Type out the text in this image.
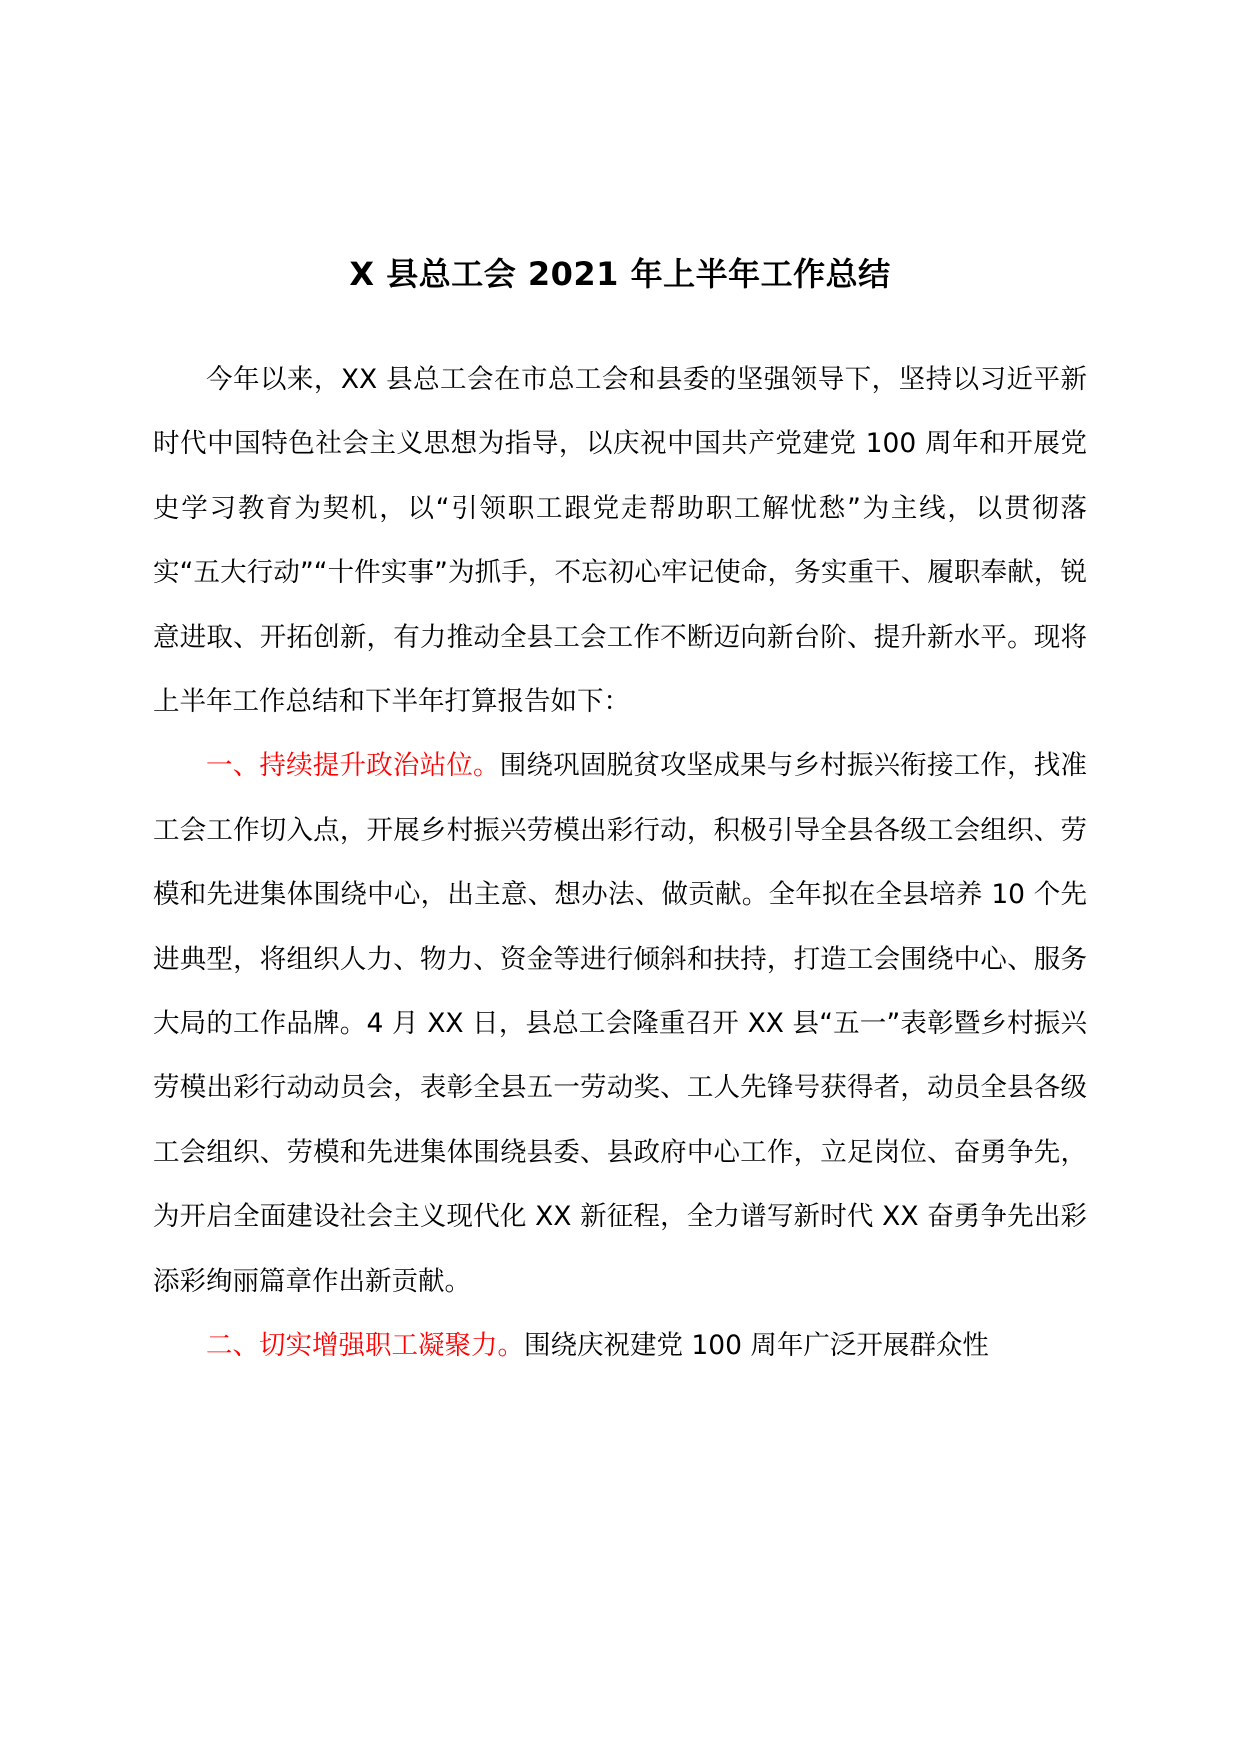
X 县总工会 2021 年上半年工作总结

今年以来，XX 县总工会在市总工会和县委的坚强领导下，坚持以习近平新时代中国特色社会主义思想为指导，以庆祝中国共产党建党 100 周年和开展党史学习教育为契机，以“引领职工跟党走帮助职工解忧愁”为主线，以贯彻落实“五大行动”“十件实事”为抓手，不忘初心牢记使命，务实重干、履职奉献，锐意进取、开拓创新，有力推动全县工会工作不断迈向新台阶、提升新水平。现将上半年工作总结和下半年打算报告如下：

一、持续提升政治站位。围绕巩固脱贫攻坚成果与乡村振兴衔接工作，找准工会工作切入点，开展乡村振兴劳模出彩行动，积极引导全县各级工会组织、劳模和先进集体围绕中心，出主意、想办法、做贡献。全年拟在全县培养 10 个先进典型，将组织人力、物力、资金等进行倾斜和扶持，打造工会围绕中心、服务大局的工作品牌。4 月 XX 日，县总工会隆重召开 XX 县“五一”表彰暨乡村振兴劳模出彩行动动员会，表彰全县五一劳动奖、工人先锋号获得者，动员全县各级工会组织、劳模和先进集体围绕县委、县政府中心工作，立足岗位、奋勇争先，为开启全面建设社会主义现代化 XX 新征程，全力谱写新时代 XX 奋勇争先出彩添彩绚丽篇章作出新贡献。

二、切实增强职工凝聚力。围绕庆祝建党 100 周年广泛开展群众性
